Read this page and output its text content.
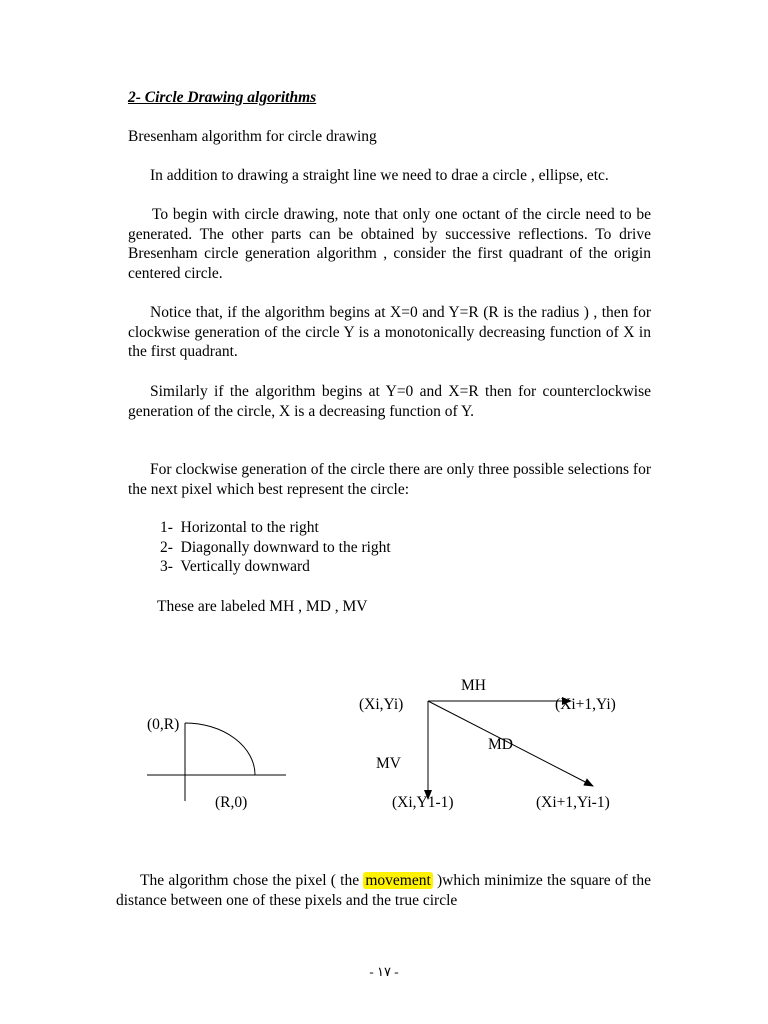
2- Circle Drawing algorithms
Bresenham algorithm for circle drawing

In addition to drawing a straight line we need to drae a circle , ellipse, etc.

To begin with circle drawing, note that only one octant of the circle need to be generated. The other parts can be obtained by successive reflections. To drive Bresenham circle generation algorithm , consider the first quadrant of the origin centered circle.

Notice that, if the algorithm begins at X=0 and Y=R (R is the radius ) , then for clockwise generation of the circle Y is a monotonically decreasing function of X in the first quadrant.

Similarly if the algorithm begins at Y=0 and X=R then for counterclockwise generation of the circle, X is a decreasing function of Y.

For clockwise generation of the circle there are only three possible selections for the next pixel which best represent the circle:

1-  Horizontal to the right
2-  Diagonally downward to the right
3-  Vertically downward
These are labeled MH , MD , MV
(0,R)
(R,0)
MH
MD
MV
(Xi,Yi)	(Xi+1,Yi)
(Xi,Y1-1)	(Xi+1,Yi-1)

The algorithm chose the pixel ( the movement )which minimize the square of the distance between one of these pixels and the true circle

- ١٧ -
